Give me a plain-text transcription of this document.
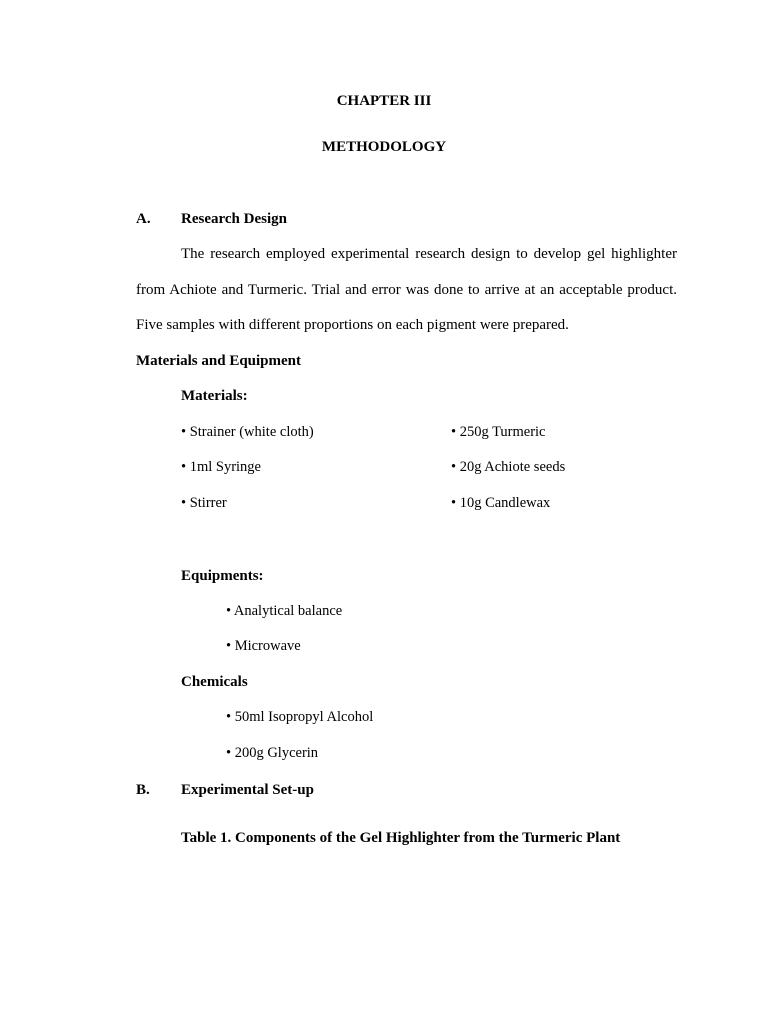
CHAPTER III
METHODOLOGY
A. Research Design
The research employed experimental research design to develop gel highlighter
from Achiote and Turmeric. Trial and error was done to arrive at an acceptable product.
Five samples with different proportions on each pigment were prepared.
Materials and Equipment
Materials:
• Strainer (white cloth)
• 1ml Syringe
• Stirrer
• 250g Turmeric
• 20g Achiote seeds
• 10g Candlewax
Equipments:
• Analytical balance
• Microwave
Chemicals
• 50ml Isopropyl Alcohol
• 200g Glycerin
B. Experimental Set-up
Table 1. Components of the Gel Highlighter from the Turmeric Plant
